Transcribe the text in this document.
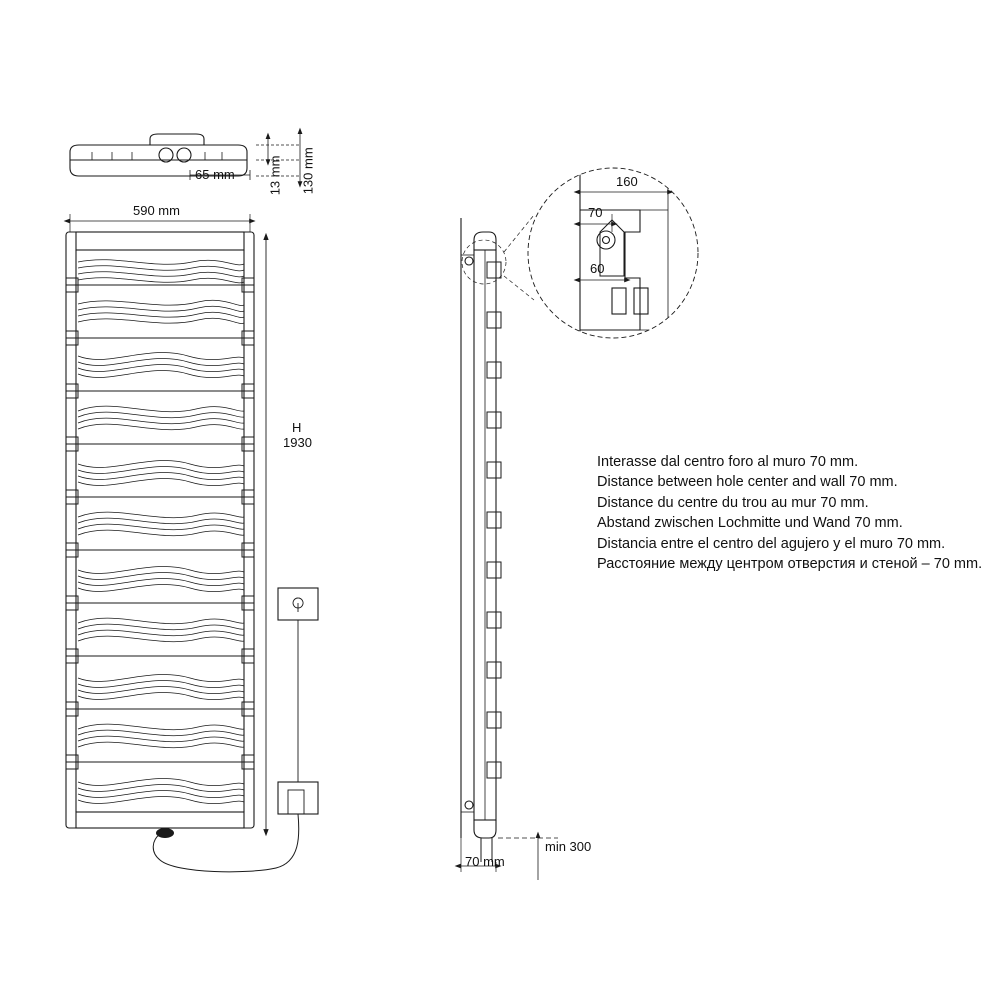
65 mm	13 mm 130 mm
590 mm
H
1930
160
70
60
70 mm
min 300
Interasse dal centro foro al muro 70 mm.
Distance between hole center and wall 70 mm.
Distance du centre du trou au mur 70 mm.
Abstand zwischen Lochmitte und Wand 70 mm.
Distancia entre el centro del agujero y el muro 70 mm.
Расстояние между центром отверстия и стеной – 70 mm.
